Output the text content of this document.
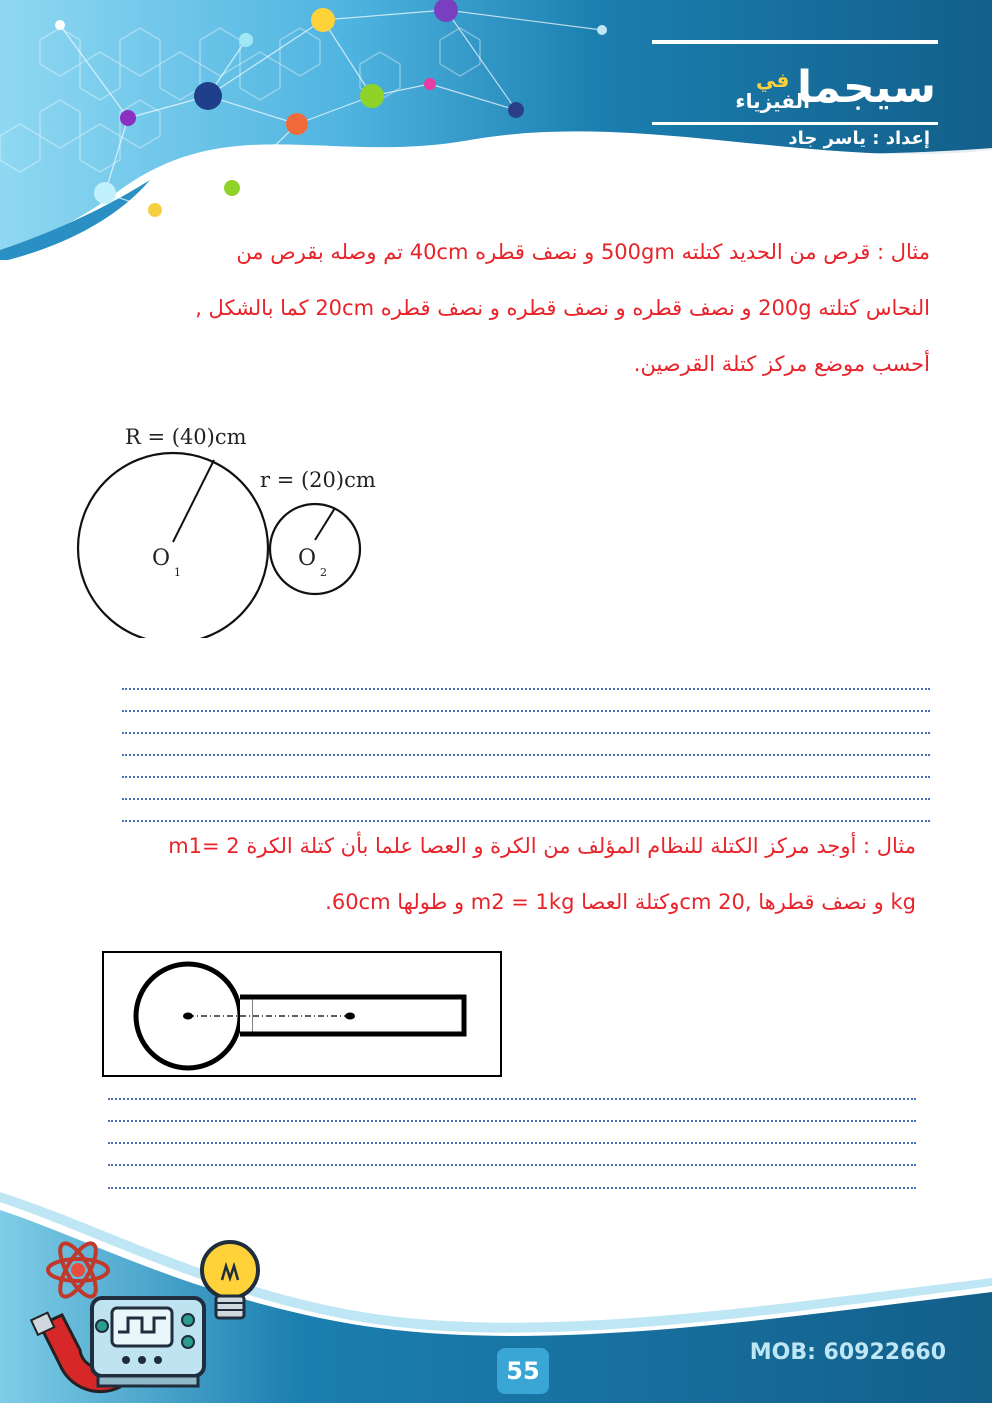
سيجما
في
الفيزياء
إعداد : ياسر جاد
مثال : قرص من الحديد كتلته 500gm و نصف قطره 40cm تم وصله بقرص من
النحاس كتلته 200g و نصف قطره و نصف قطره و نصف قطره 20cm كما بالشكل ,
أحسب موضع مركز كتلة القرصين.
R = (40)cm
r = (20)cm
O
1
O
2
مثال : أوجد مركز الكتلة للنظام المؤلف من الكرة و العصا علما بأن كتلة الكرة 2 =m1
kg و نصف قطرها ,20 cmوكتلة العصا m2 = 1kg و طولها 60cm.
55
MOB: 60922660
